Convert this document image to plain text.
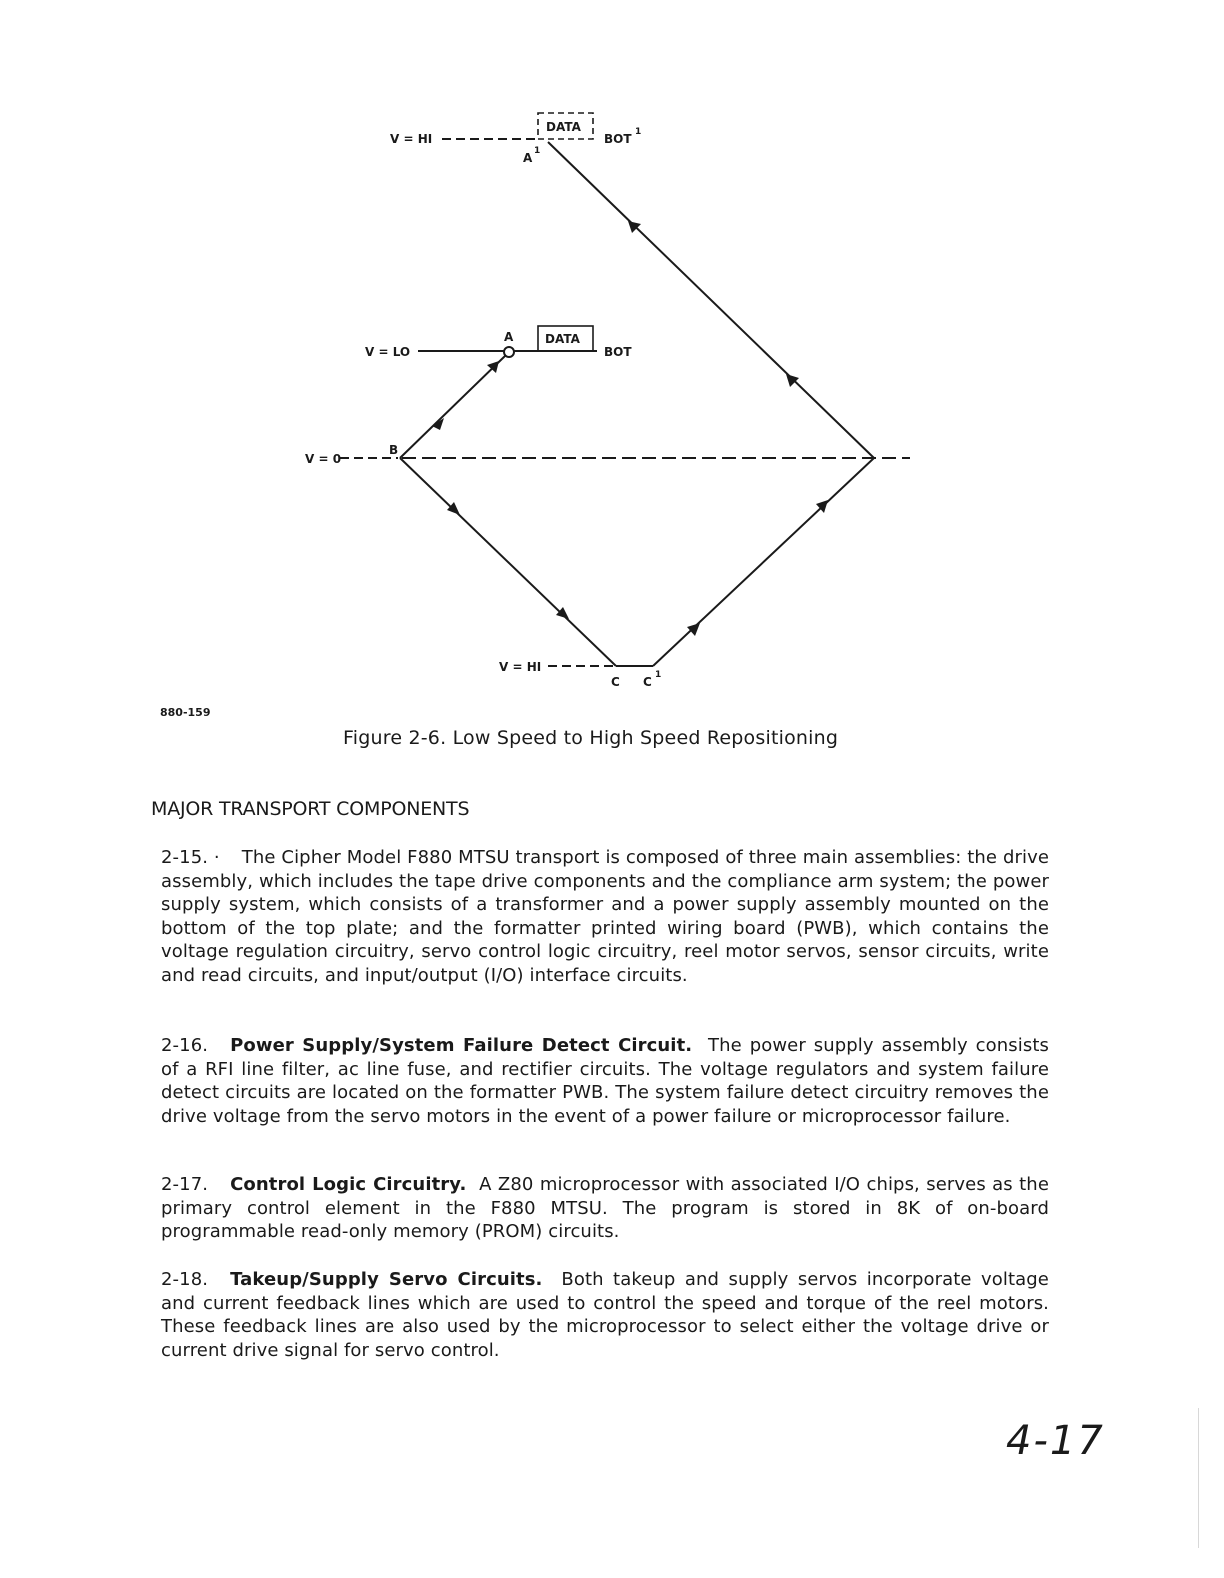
V = HI
DATA
BOT 1
A 1
V = LO
A	DATA
BOT
V = 0
B
V = HI
C C 1
880-159
Figure 2-6. Low Speed to High Speed Repositioning
MAJOR TRANSPORT COMPONENTS

2-15. · The Cipher Model F880 MTSU transport is composed of three main assemblies: the drive assembly, which includes the tape drive components and the compliance arm system; the power supply system, which consists of a transformer and a power supply assembly mounted on the bottom of the top plate; and the formatter printed wiring board (PWB), which contains the voltage regulation circuitry, servo control logic circuitry, reel motor servos, sensor circuits, write and read circuits, and input/output (I/O) interface circuits.

2-16. Power Supply/System Failure Detect Circuit. The power supply assembly consists of a RFI line filter, ac line fuse, and rectifier circuits. The voltage regulators and system failure detect circuits are located on the formatter PWB. The system failure detect circuitry removes the drive voltage from the servo motors in the event of a power failure or microprocessor failure.

2-17. Control Logic Circuitry. A Z80 microprocessor with associated I/O chips, serves as the primary control element in the F880 MTSU. The program is stored in 8K of on-board programmable read-only memory (PROM) circuits.

2-18. Takeup/Supply Servo Circuits. Both takeup and supply servos incorporate voltage and current feedback lines which are used to control the speed and torque of the reel motors. These feedback lines are also used by the microprocessor to select either the voltage drive or current drive signal for servo control.

4-17
